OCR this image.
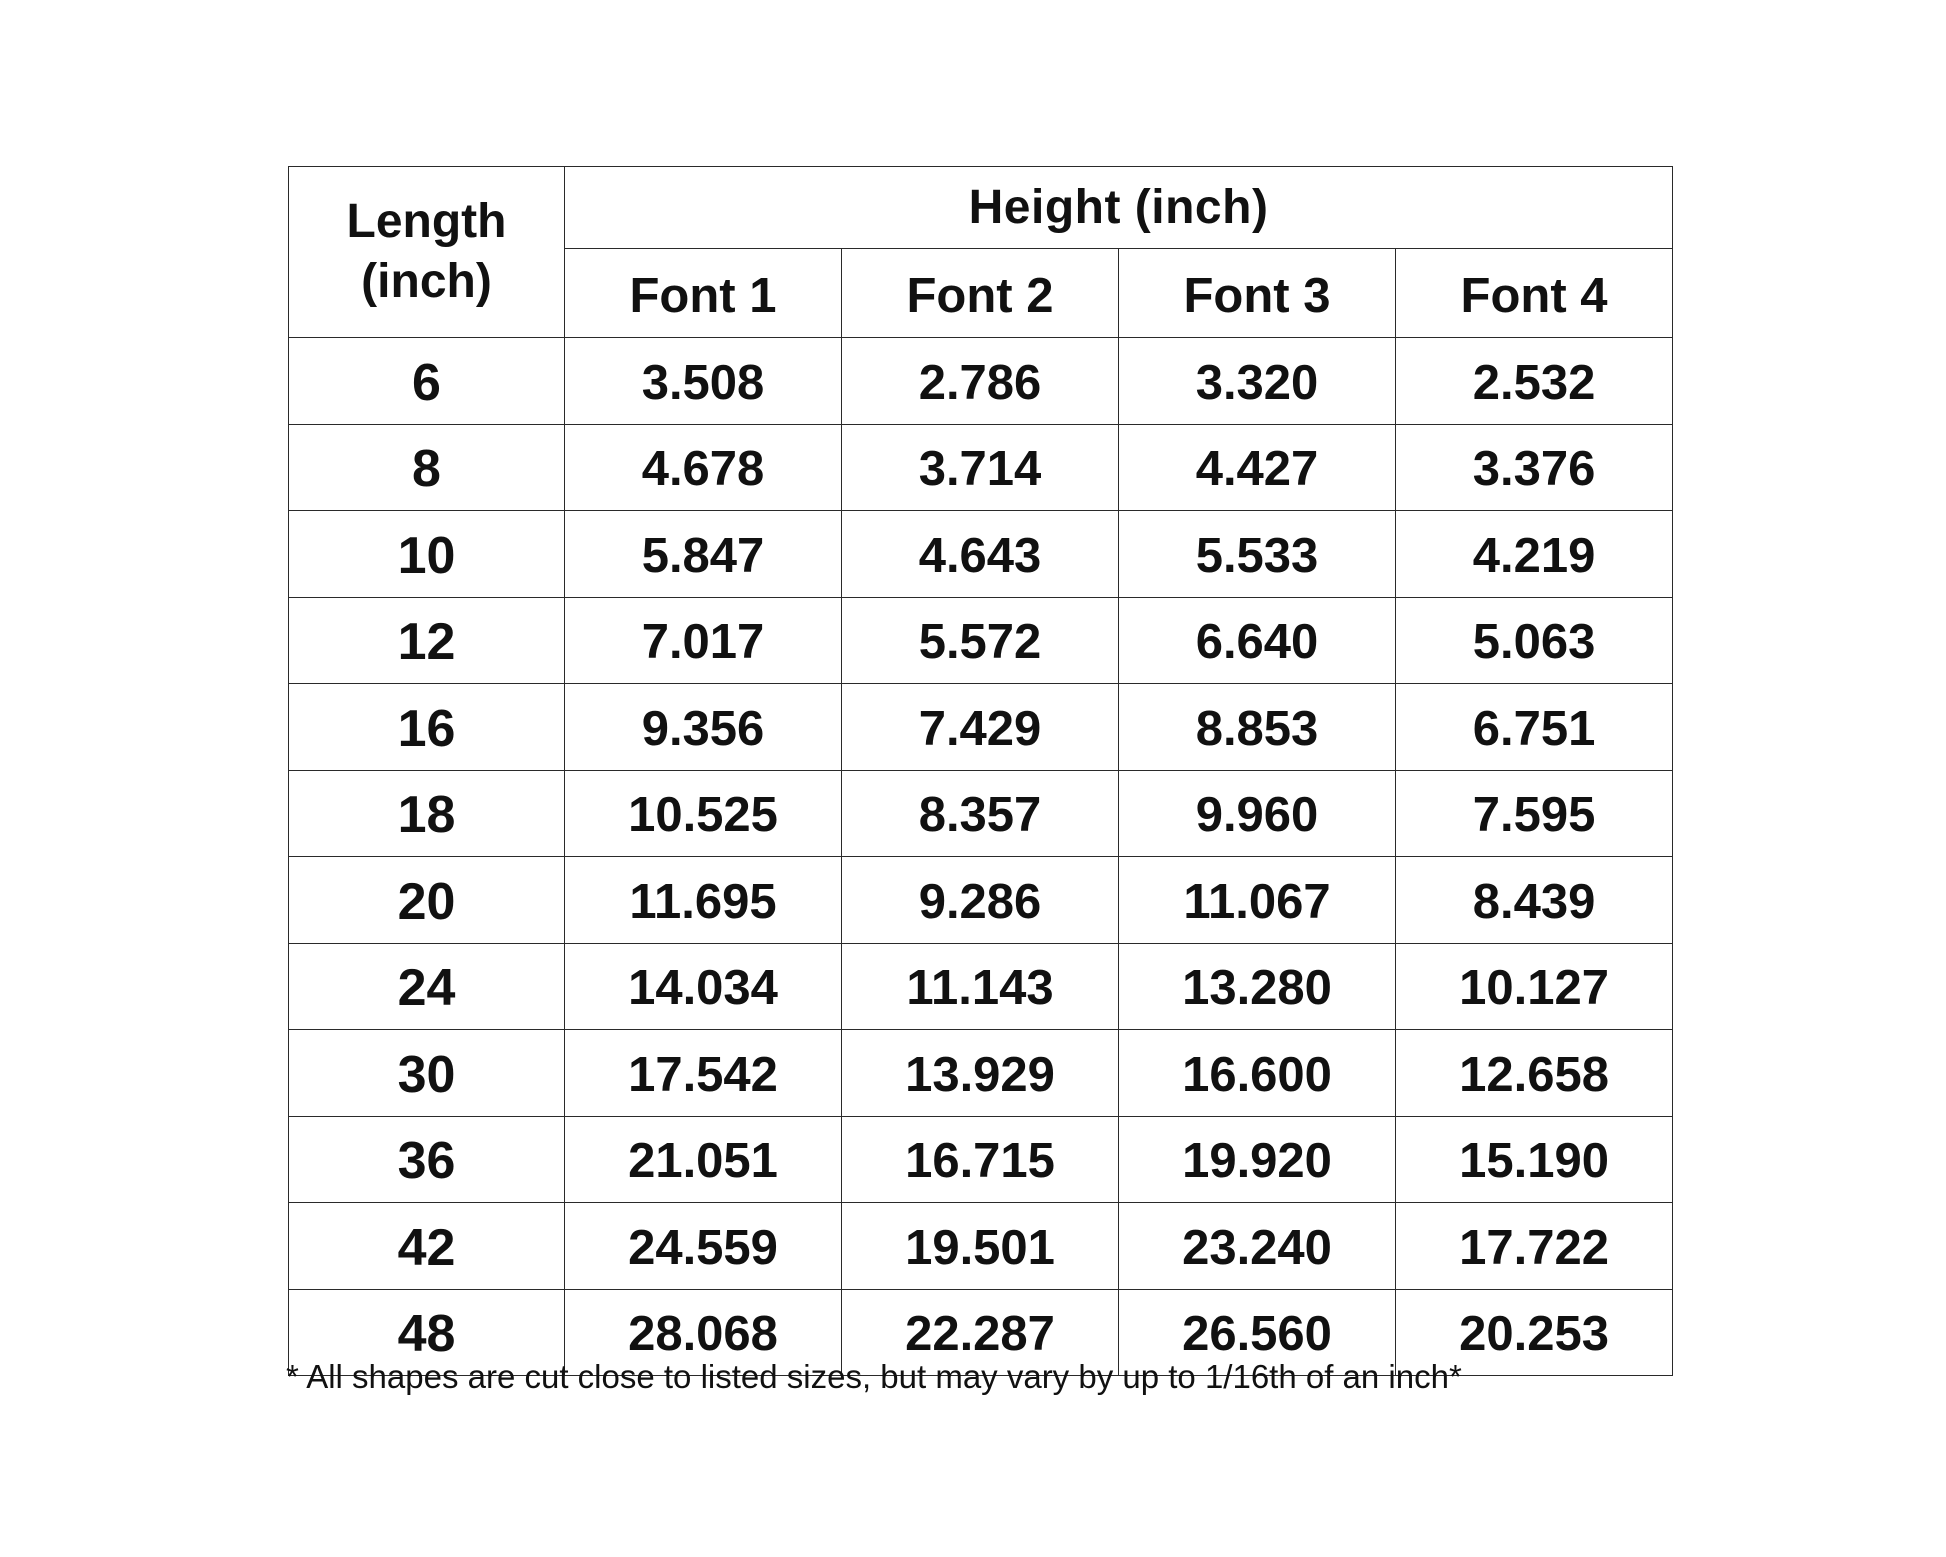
Length
(inch)	Height (inch)			
	Font 1	Font 2	Font 3	Font 4
6	3.508	2.786	3.320	2.532
8	4.678	3.714	4.427	3.376
10	5.847	4.643	5.533	4.219
12	7.017	5.572	6.640	5.063
16	9.356	7.429	8.853	6.751
18	10.525	8.357	9.960	7.595
20	11.695	9.286	11.067	8.439
24	14.034	11.143	13.280	10.127
30	17.542	13.929	16.600	12.658
36	21.051	16.715	19.920	15.190
42	24.559	19.501	23.240	17.722
48	28.068	22.287	26.560	20.253
* All shapes are cut close to listed sizes, but may vary by up to 1/16th of an inch*
